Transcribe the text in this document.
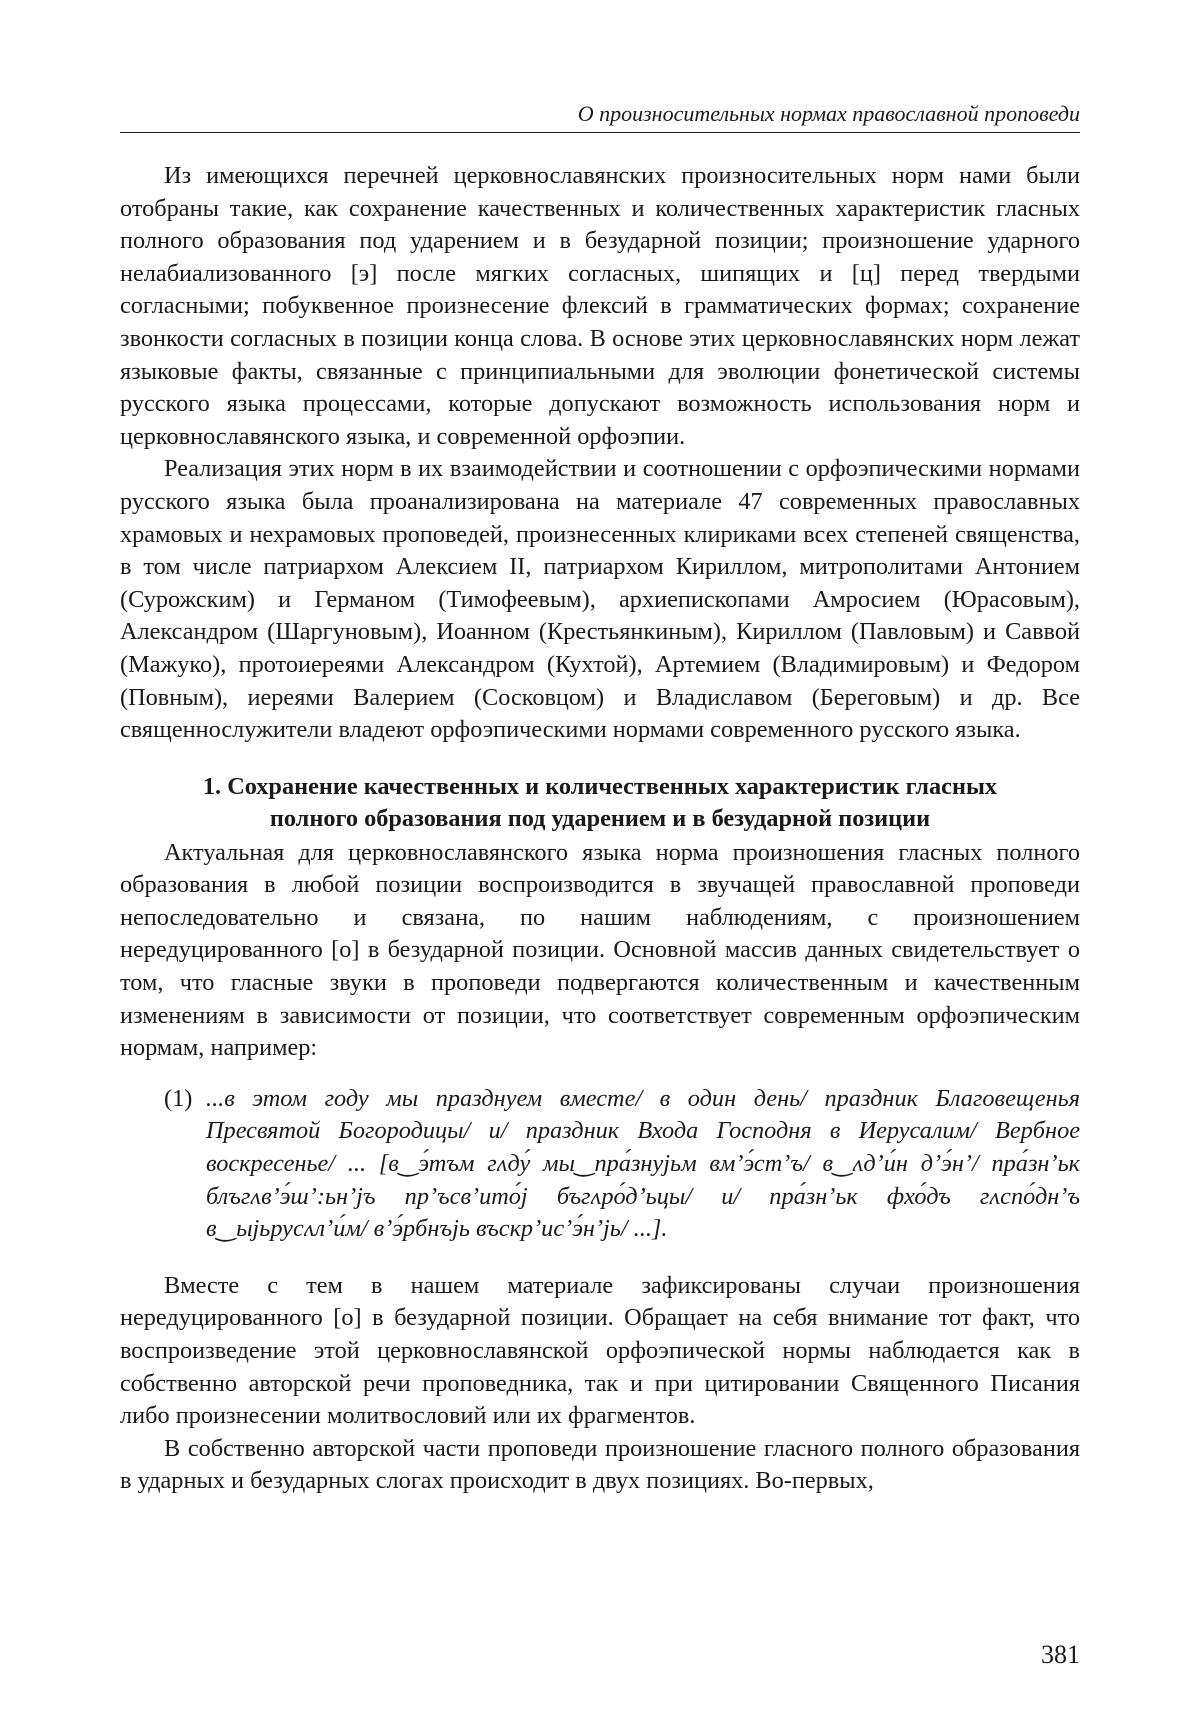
О произносительных нормах православной проповеди

Из имеющихся перечней церковнославянских произносительных норм нами были отобраны такие, как сохранение качественных и количественных характеристик гласных полного образования под ударением и в безударной позиции; произношение ударного нелабиализованного [э] после мягких согласных, шипящих и [ц] перед твердыми согласными; побуквенное произнесение флексий в грамматических формах; сохранение звонкости согласных в позиции конца слова. В основе этих церковнославянских норм лежат языковые факты, связанные с принципиальными для эволюции фонетической системы русского языка процессами, которые допускают возможность использования норм и церковнославянского языка, и современной орфоэпии.

Реализация этих норм в их взаимодействии и соотношении с орфоэпическими нормами русского языка была проанализирована на материале 47 современных православных храмовых и нехрамовых проповедей, произнесенных клириками всех степеней священства, в том числе патриархом Алексием II, патриархом Кириллом, митрополитами Антонием (Сурожским) и Германом (Тимофеевым), архиепископами Амросием (Юрасовым), Александром (Шаргуновым), Иоанном (Крестьянкиным), Кириллом (Павловым) и Саввой (Мажуко), протоиереями Александром (Кухтой), Артемием (Владимировым) и Федором (Повным), иереями Валерием (Сосковцом) и Владиславом (Береговым) и др. Все священнослужители владеют орфоэпическими нормами современного русского языка.

1. Сохранение качественных и количественных характеристик гласных полного образования под ударением и в безударной позиции

Актуальная для церковнославянского языка норма произношения гласных полного образования в любой позиции воспроизводится в звучащей православной проповеди непоследовательно и связана, по нашим наблюдениям, с произношением нередуцированного [о] в безударной позиции. Основной массив данных свидетельствует о том, что гласные звуки в проповеди подвергаются количественным и качественным изменениям в зависимости от позиции, что соответствует современным орфоэпическим нормам, например:

(1) ...в этом году мы празднуем вместе/ в один день/ праздник Благовещенья Пресвятой Богородицы/ и/ праздник Входа Господня в Иерусалим/ Вербное воскресенье/ ... [в‿э́тъм гʌду́ мы‿пра́знуjьм вм’э́ст’ъ/ в‿ʌд’и́н д’э́н’/ пра́зн’ьк блъгʌв’э́ш’:ьн’jъ пр’ъсв’ито́j бъгʌро́д’ьцы/ и/ пра́зн’ьк фхо́дъ гʌспо́дн’ъ в‿ыjьрусʌл’и́м/ в’э́рбнъjь въскр’ис’э́н’jь/ ...].

Вместе с тем в нашем материале зафиксированы случаи произношения нередуцированного [о] в безударной позиции. Обращает на себя внимание тот факт, что воспроизведение этой церковнославянской орфоэпической нормы наблюдается как в собственно авторской речи проповедника, так и при цитировании Священного Писания либо произнесении молитвословий или их фрагментов.

В собственно авторской части проповеди произношение гласного полного образования в ударных и безударных слогах происходит в двух позициях. Во-первых,

381
